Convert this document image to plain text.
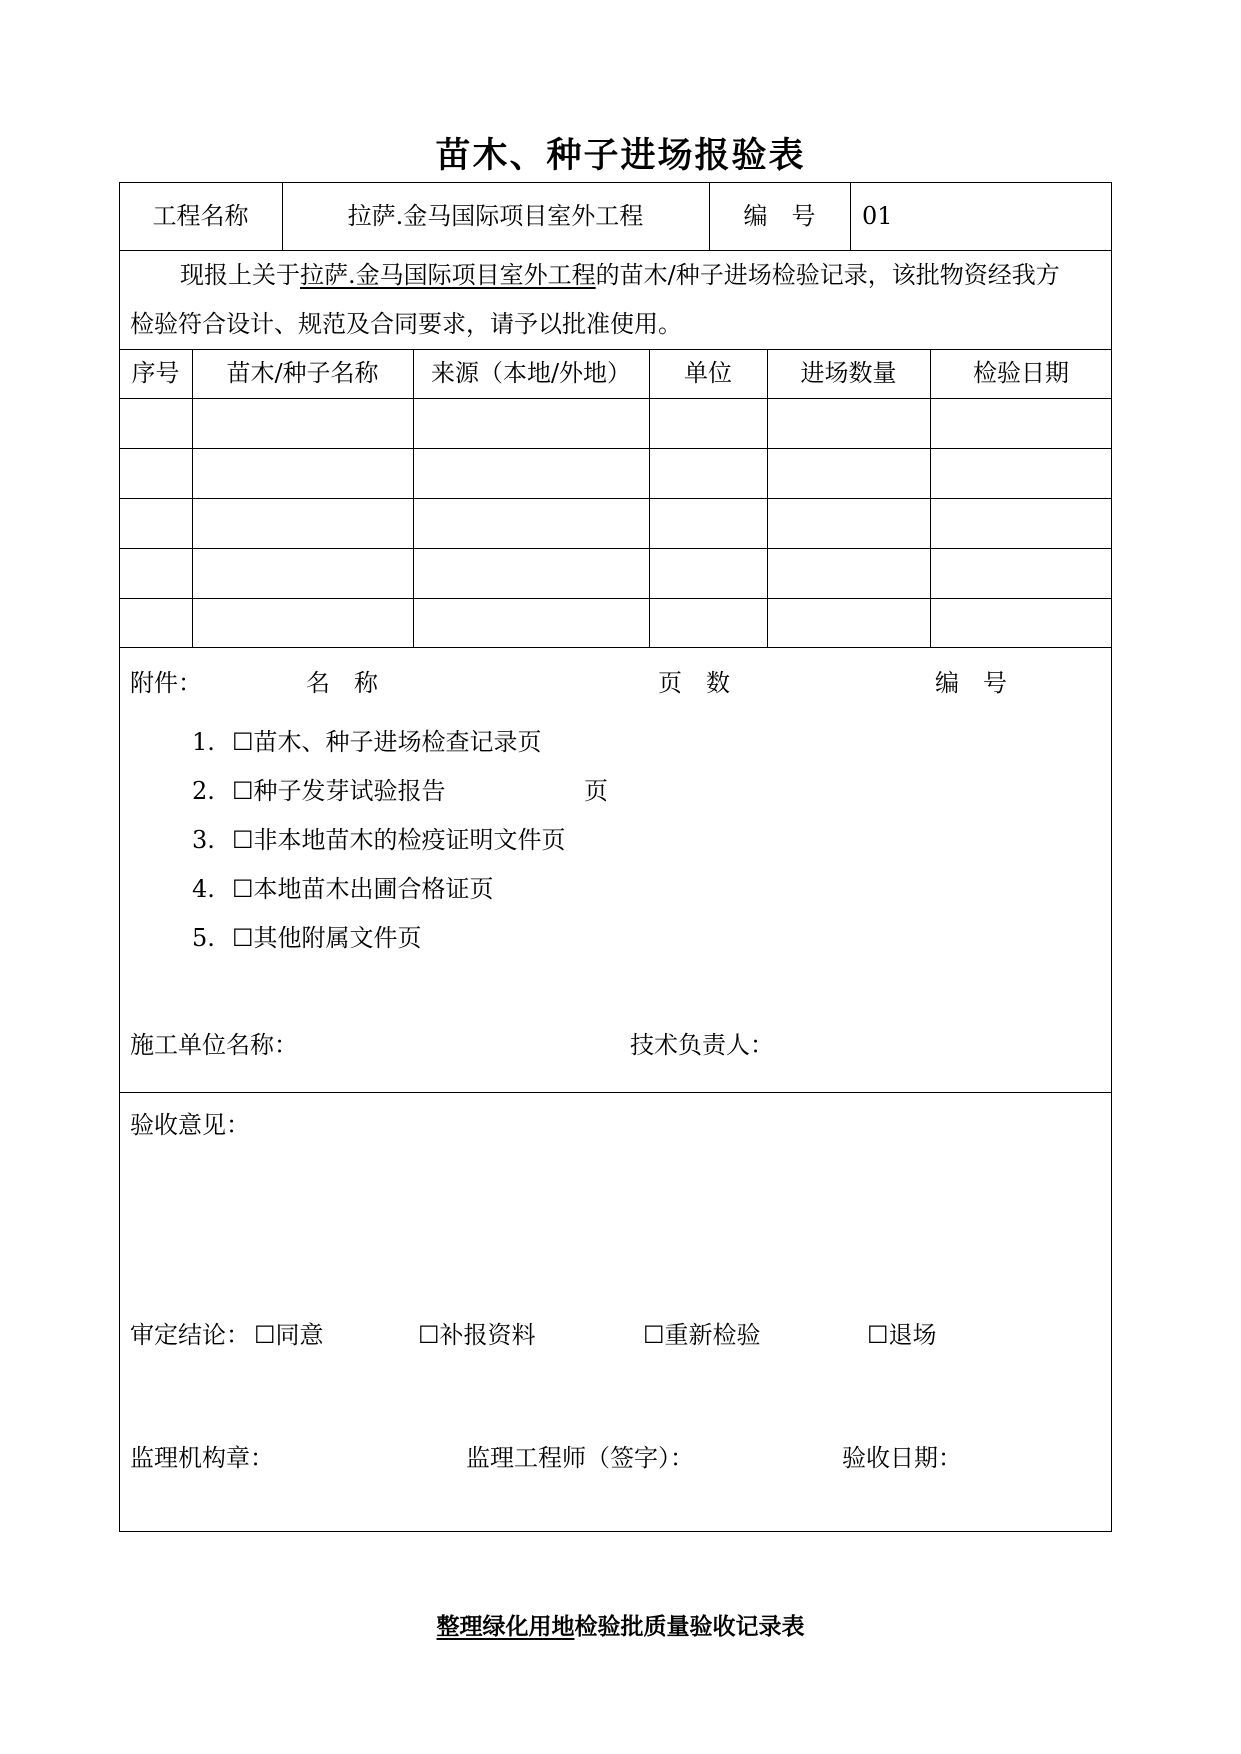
苗木、种子进场报验表
工程名称	拉萨.金马国际项目室外工程	编　号	01
现报上关于拉萨.金马国际项目室外工程的苗木/种子进场检验记录，该批物资经我方
检验符合设计、规范及合同要求，请予以批准使用。
序号	苗木/种子名称	来源（本地/外地）	单位	进场数量	检验日期
附件：	名　称	页　数	编　号
1. ☐苗木、种子进场检查记录页
2. ☐种子发芽试验报告	页
3. ☐非本地苗木的检疫证明文件页
4. ☐本地苗木出圃合格证页
5. ☐其他附属文件页
施工单位名称：	技术负责人：
验收意见：
审定结论： ☐同意	☐补报资料	☐重新检验	☐退场
监理机构章：	监理工程师（签字）：	验收日期：
整理绿化用地检验批质量验收记录表
